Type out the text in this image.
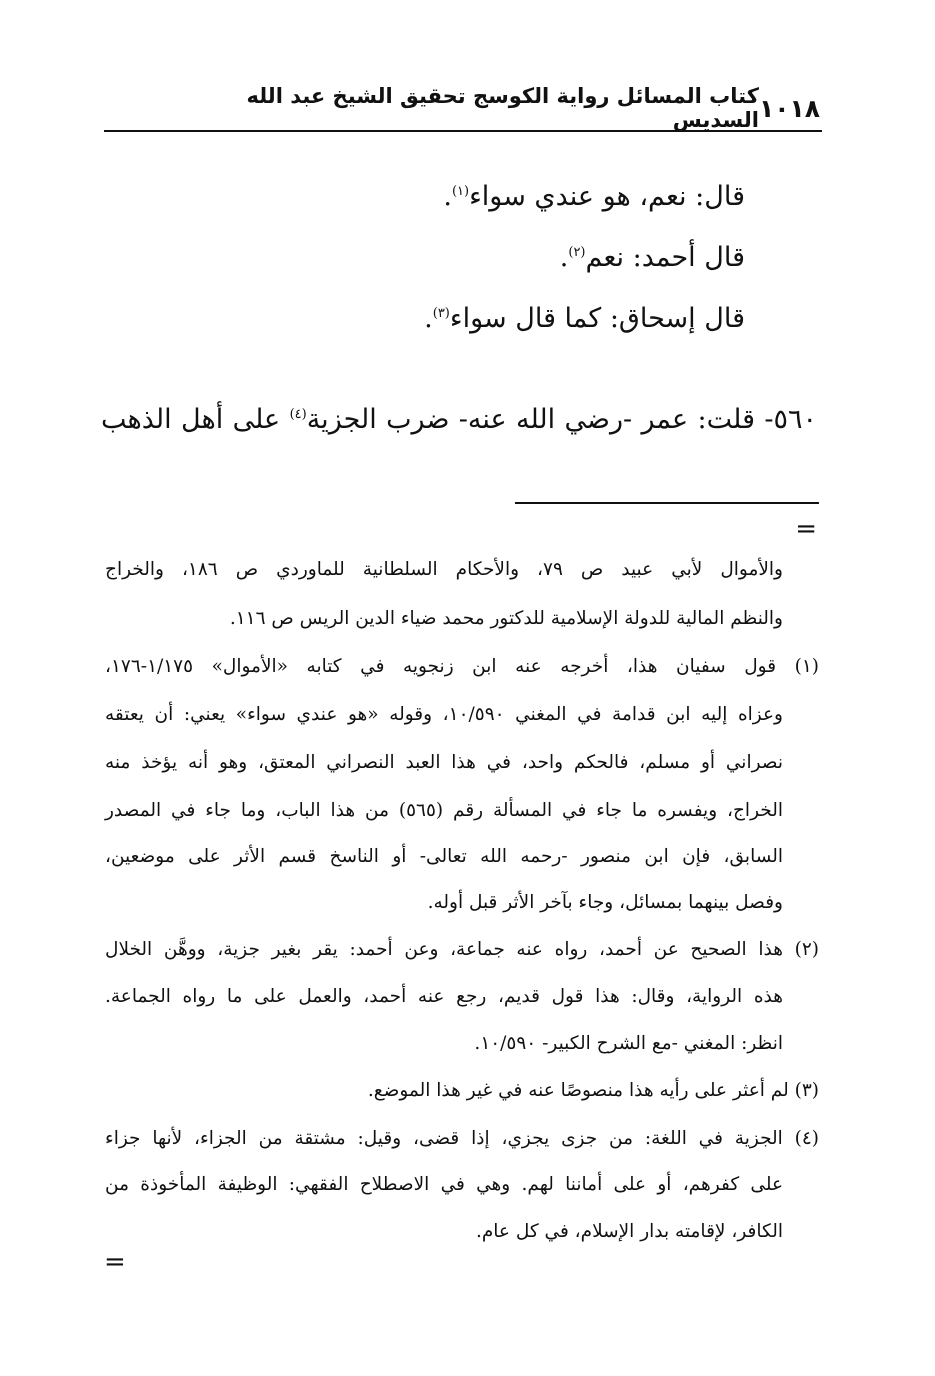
١٠١٨
كتاب المسائل رواية الكوسج تحقيق الشيخ عبد الله السديس
قال: نعم، هو عندي سواء$^{(١)}$.
قال أحمد: نعم$^{(٢)}$.
قال إسحاق: كما قال سواء$^{(٣)}$.
٥٦٠- قلت: عمر -رضي الله عنه- ضرب الجزية$^{(٤)}$ على أهل الذهب
=
والأموال لأبي عبيد ص ٧٩، والأحكام السلطانية للماوردي ص ١٨٦، والخراج
والنظم المالية للدولة الإسلامية للدكتور محمد ضياء الدين الريس ص ١١٦.
(١) قول سفيان هذا، أخرجه عنه ابن زنجويه في كتابه «الأموال» ١/١٧٥-١٧٦،
وعزاه إليه ابن قدامة في المغني ١٠/٥٩٠، وقوله «هو عندي سواء» يعني: أن يعتقه
نصراني أو مسلم، فالحكم واحد، في هذا العبد النصراني المعتق، وهو أنه يؤخذ منه
الخراج، ويفسره ما جاء في المسألة رقم (٥٦٥) من هذا الباب، وما جاء في المصدر
السابق، فإن ابن منصور -رحمه الله تعالى- أو الناسخ قسم الأثر على موضعين،
وفصل بينهما بمسائل، وجاء بآخر الأثر قبل أوله.
(٢) هذا الصحيح عن أحمد، رواه عنه جماعة، وعن أحمد: يقر بغير جزية، ووهَّن الخلال
هذه الرواية، وقال: هذا قول قديم، رجع عنه أحمد، والعمل على ما رواه الجماعة.
انظر: المغني -مع الشرح الكبير- ١٠/٥٩٠.
(٣) لم أعثر على رأيه هذا منصوصًا عنه في غير هذا الموضع.
(٤) الجزية في اللغة: من جزى يجزي، إذا قضى، وقيل: مشتقة من الجزاء، لأنها جزاء
على كفرهم، أو على أماننا لهم. وهي في الاصطلاح الفقهي: الوظيفة المأخوذة من
الكافر، لإقامته بدار الإسلام، في كل عام.
=
